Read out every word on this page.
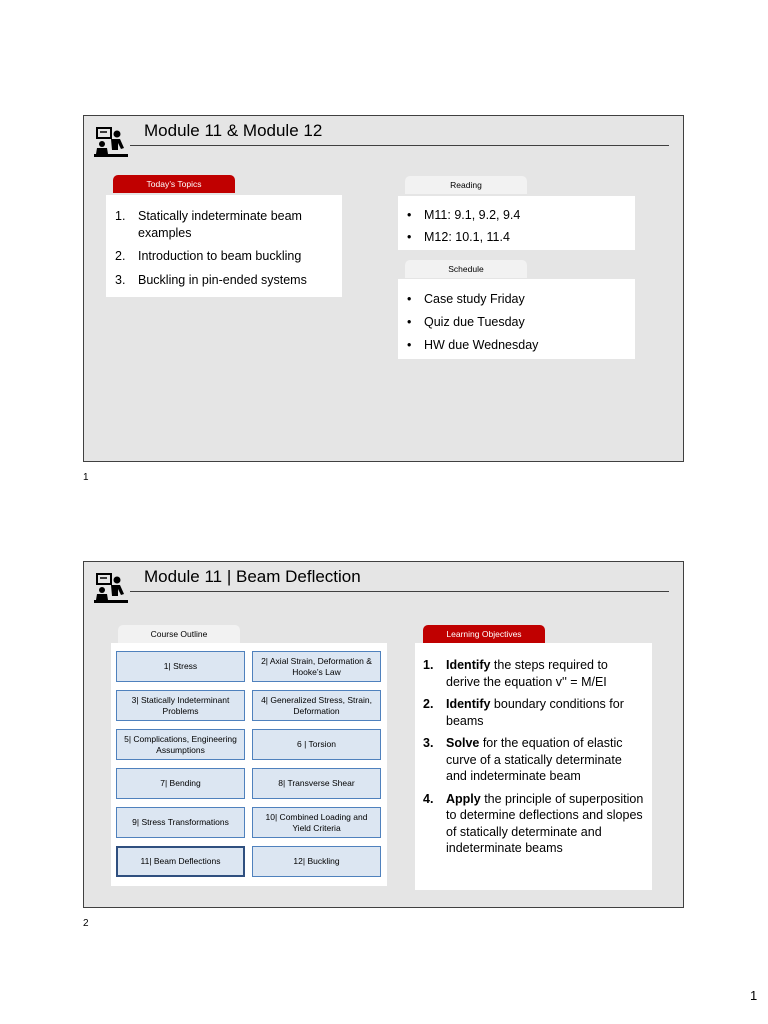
Module 11 & Module 12
Today’s Topics
1.	Statically indeterminate beam examples
2.	Introduction to beam buckling
3.	Buckling in pin-ended systems
Reading
•	M11: 9.1, 9.2, 9.4
•	M12: 10.1, 11.4
Schedule
•	Case study Friday
•	Quiz due Tuesday
•	HW due Wednesday
1
Module 11 | Beam Deflection
Course Outline
1| Stress
2| Axial Strain, Deformation & Hooke’s Law
3| Statically Indeterminant Problems
4| Generalized Stress, Strain, Deformation
5| Complications, Engineering Assumptions
6 | Torsion
7| Bending	8| Transverse Shear
9| Stress Transformations
10| Combined Loading and Yield Criteria
11| Beam Deflections	12| Buckling
Learning Objectives
1.	Identify the steps required to derive the equation v'' = M/EI
2.	Identify boundary conditions for beams
3.	Solve for the equation of elastic curve of a statically determinate and indeterminate beam
4.	Apply the principle of superposition to determine deflections and slopes of statically determinate and indeterminate beams
2
1
